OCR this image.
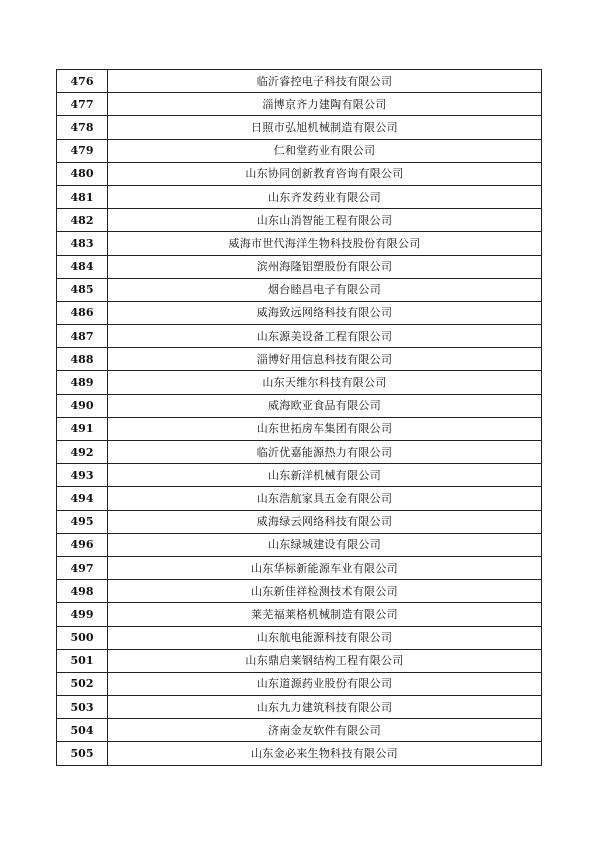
476	临沂睿控电子科技有限公司
477	淄博京齐力建陶有限公司
478	日照市弘旭机械制造有限公司
479	仁和堂药业有限公司
480	山东协同创新教育咨询有限公司
481	山东齐发药业有限公司
482	山东山消智能工程有限公司
483	威海市世代海洋生物科技股份有限公司
484	滨州海隆铝塑股份有限公司
485	烟台睦昌电子有限公司
486	威海致远网络科技有限公司
487	山东源美设备工程有限公司
488	淄博好用信息科技有限公司
489	山东天维尔科技有限公司
490	威海欧亚食品有限公司
491	山东世拓房车集团有限公司
492	临沂优嘉能源热力有限公司
493	山东新洋机械有限公司
494	山东浩航家具五金有限公司
495	威海绿云网络科技有限公司
496	山东绿城建设有限公司
497	山东华标新能源车业有限公司
498	山东新佳祥检测技术有限公司
499	莱芜福莱格机械制造有限公司
500	山东航电能源科技有限公司
501	山东鼎启莱钢结构工程有限公司
502	山东道源药业股份有限公司
503	山东九力建筑科技有限公司
504	济南金友软件有限公司
505	山东金必来生物科技有限公司
